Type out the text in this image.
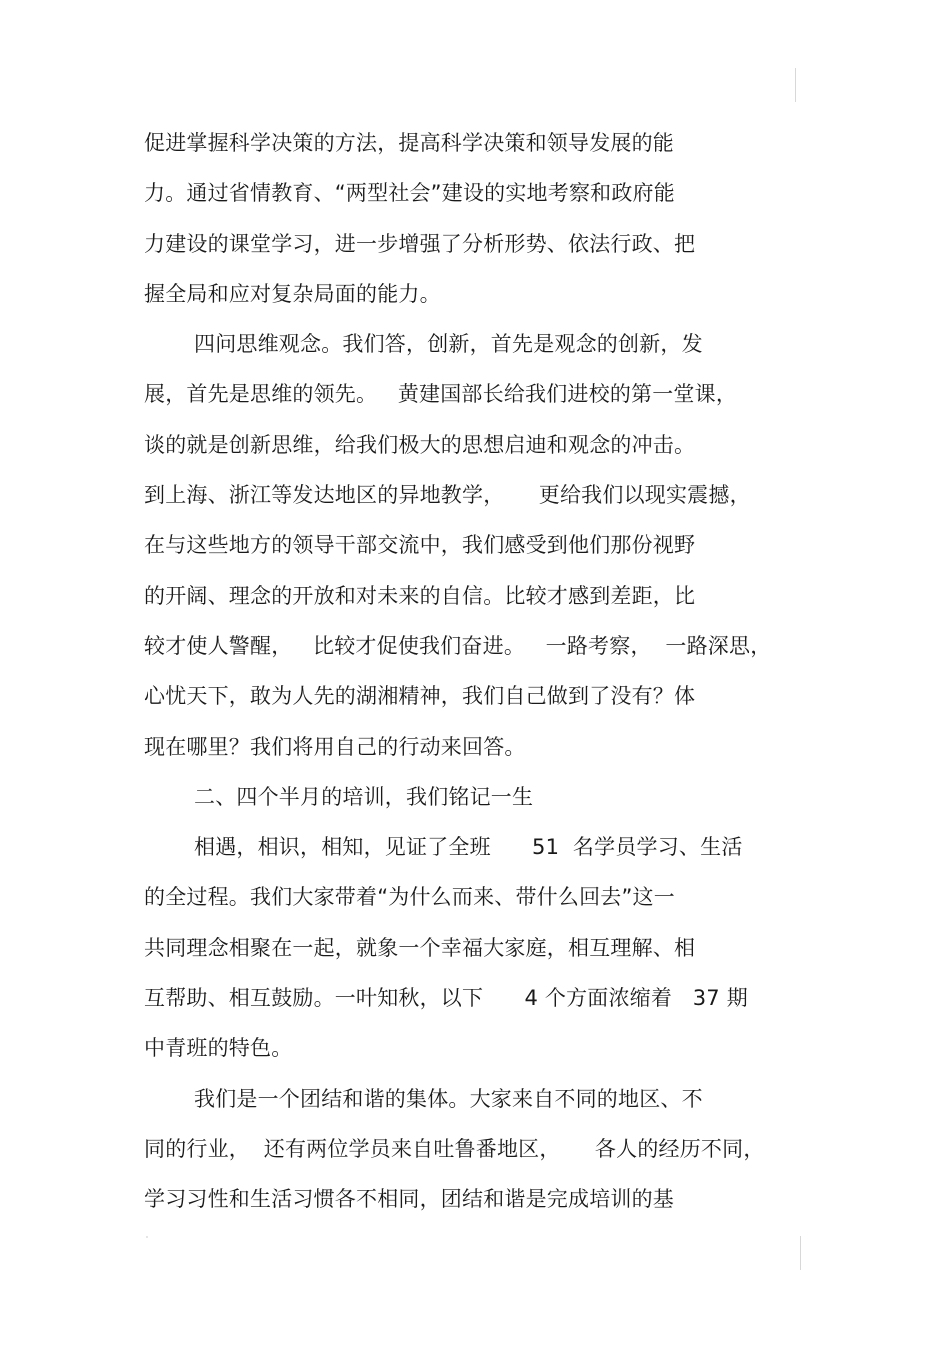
促进掌握科学决策的方法，提高科学决策和领导发展的能
力。通过省情教育、“两型社会”建设的实地考察和政府能
力建设的课堂学习，进一步增强了分析形势、依法行政、把
握全局和应对复杂局面的能力。
四问思维观念。我们答，创新，首先是观念的创新，发
展，首先是思维的领先。   黄建国部长给我们进校的第一堂课，
谈的就是创新思维，给我们极大的思想启迪和观念的冲击。
到上海、浙江等发达地区的异地教学，     更给我们以现实震撼，
在与这些地方的领导干部交流中，我们感受到他们那份视野
的开阔、理念的开放和对未来的自信。比较才感到差距，比
较才使人警醒，   比较才促使我们奋进。   一路考察，  一路深思，
心忧天下，敢为人先的湖湘精神，我们自己做到了没有？体
现在哪里？我们将用自己的行动来回答。
二、四个半月的培训，我们铭记一生
相遇，相识，相知，见证了全班      51  名学员学习、生活
的全过程。我们大家带着“为什么而来、带什么回去”这一
共同理念相聚在一起，就象一个幸福大家庭，相互理解、相
互帮助、相互鼓励。一叶知秋，以下      4 个方面浓缩着   37 期
中青班的特色。
我们是一个团结和谐的集体。大家来自不同的地区、不
同的行业，  还有两位学员来自吐鲁番地区，     各人的经历不同，
学习习性和生活习惯各不相同，团结和谐是完成培训的基
